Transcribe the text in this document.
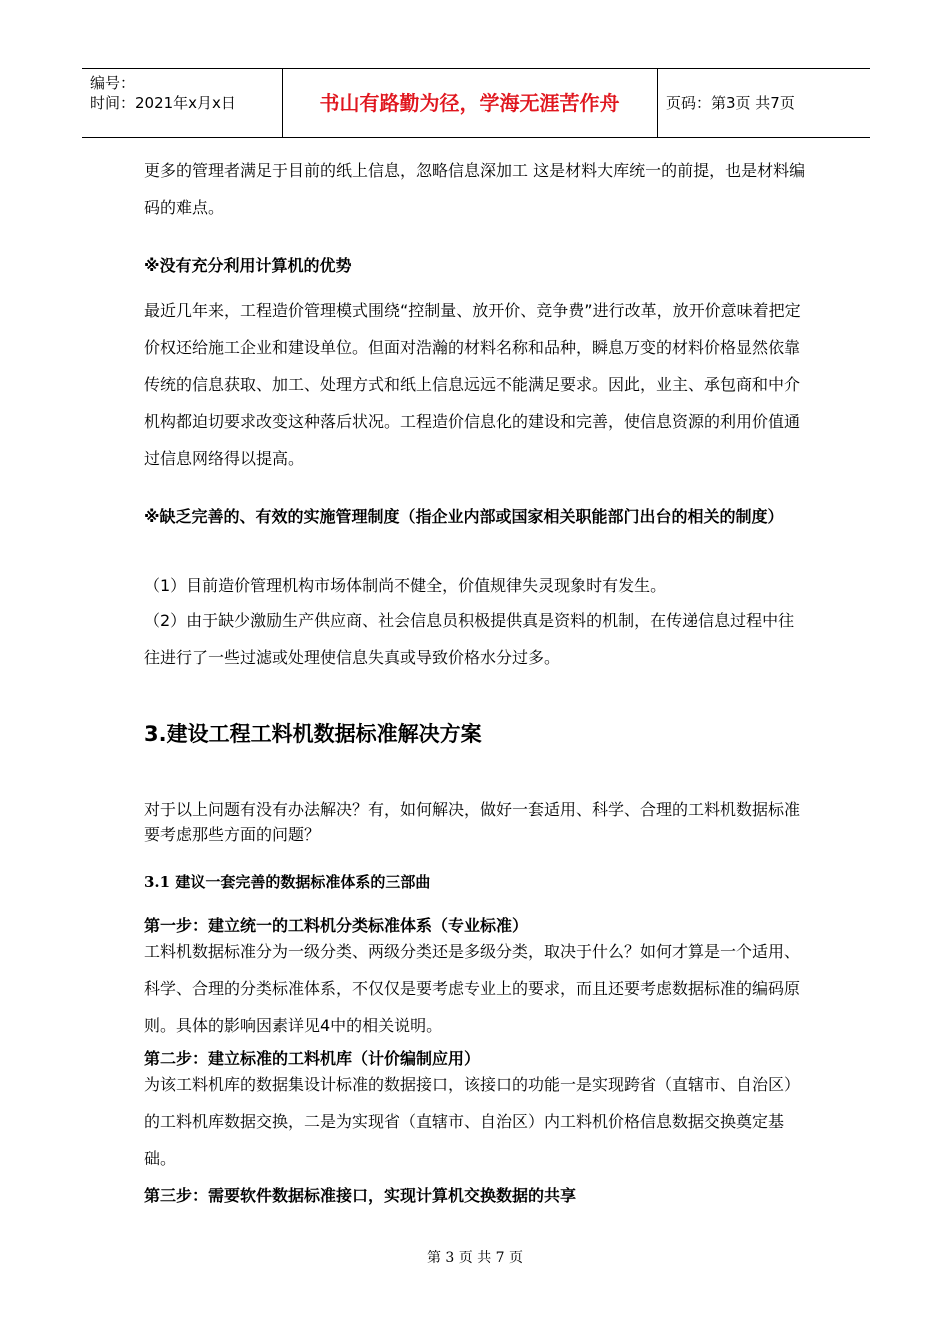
编号：
时间：2021年x月x日	书山有路勤为径，学海无涯苦作舟	页码：第3页 共7页
更多的管理者满足于目前的纸上信息，忽略信息深加工 这是材料大库统一的前提，也是材料编码的难点。
※没有充分利用计算机的优势
最近几年来，工程造价管理模式围绕“控制量、放开价、竞争费”进行改革，放开价意味着把定价权还给施工企业和建设单位。但面对浩瀚的材料名称和品种，瞬息万变的材料价格显然依靠传统的信息获取、加工、处理方式和纸上信息远远不能满足要求。因此，业主、承包商和中介机构都迫切要求改变这种落后状况。工程造价信息化的建设和完善，使信息资源的利用价值通过信息网络得以提高。
※缺乏完善的、有效的实施管理制度（指企业内部或国家相关职能部门出台的相关的制度）
（1）目前造价管理机构市场体制尚不健全，价值规律失灵现象时有发生。
（2）由于缺少激励生产供应商、社会信息员积极提供真是资料的机制，在传递信息过程中往往进行了一些过滤或处理使信息失真或导致价格水分过多。
3.建设工程工料机数据标准解决方案
对于以上问题有没有办法解决？有，如何解决，做好一套适用、科学、合理的工料机数据标准要考虑那些方面的问题？
3.1 建议一套完善的数据标准体系的三部曲
第一步：建立统一的工料机分类标准体系（专业标准）
工料机数据标准分为一级分类、两级分类还是多级分类，取决于什么？如何才算是一个适用、科学、合理的分类标准体系，不仅仅是要考虑专业上的要求，而且还要考虑数据标准的编码原则。具体的影响因素详见4中的相关说明。
第二步：建立标准的工料机库（计价编制应用）
为该工料机库的数据集设计标准的数据接口，该接口的功能一是实现跨省（直辖市、自治区）的工料机库数据交换，二是为实现省（直辖市、自治区）内工料机价格信息数据交换奠定基础。
第三步：需要软件数据标准接口，实现计算机交换数据的共享
第 3 页 共 7 页
